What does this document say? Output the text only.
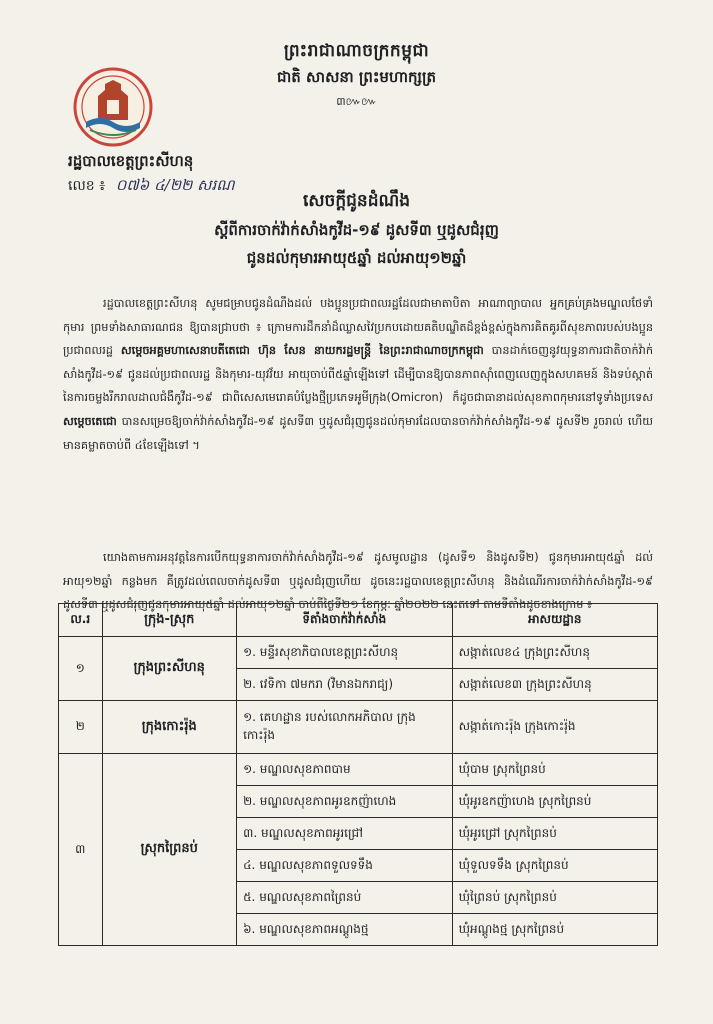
ព្រះរាជាណាចក្រកម្ពុជា
ជាតិ សាសនា ព្រះមហាក្សត្រ
៣៚៚
រដ្ឋបាលខេត្តព្រះសីហនុ
លេខ ៖ ០៧៦ ៤/២២ សរណ
សេចក្តីជូនដំណឹង
ស្តីពីការចាក់វ៉ាក់សាំងកូវីដ-១៩ ដូសទី៣ ឬដូសជំរុញ
ជូនដល់កុមារអាយុ៥ឆ្នាំ ដល់អាយុ១២ឆ្នាំ
រដ្ឋបាលខេត្តព្រះសីហនុ សូមជម្រាបជូនដំណឹងដល់ បងប្អូនប្រជាពលរដ្ឋដែលជាមាតាបិតា អាណាព្យាបាល អ្នកគ្រប់គ្រងមណ្ឌលថែទាំកុមារ ព្រមទាំងសាធារណជន ឱ្យបានជ្រាបថា ៖ ក្រោមការដឹកនាំដ៏ឈ្លាសវៃប្រកបដោយគតិបណ្ឌិតដ៏ខ្ពង់ខ្ពស់ក្នុងការគិតគូរពីសុខភាពរបស់បងប្អូនប្រជាពលរដ្ឋ សម្តេចអគ្គមហាសេនាបតីតេជោ ហ៊ុន សែន នាយករដ្ឋមន្ត្រី នៃព្រះរាជាណាចក្រកម្ពុជា បានដាក់ចេញនូវយុទ្ធនាការជាតិចាក់វ៉ាក់សាំងកូវីដ-១៩ ជូនដល់ប្រជាពលរដ្ឋ និងកុមារ-យុវវ័យ អាយុចាប់ពី៥ឆ្នាំឡើងទៅ ដើម្បីបានឱ្យបានភាពស៊ាំពេញលេញក្នុងសហគមន៍ និងទប់ស្កាត់នៃការចម្លងរីករាលដាលជំងឺកូវីដ-១៩ ជាពិសេសមេរោគបំប្លែងថ្មីប្រភេទអូមីក្រុង(Omicron) ក៏ដូចជាធានាដល់សុខភាពកុមារនៅទូទាំងប្រទេស សម្តេចតេជោ បានសម្រេចឱ្យចាក់វ៉ាក់សាំងកូវីដ-១៩ ដូសទី៣ ឬដូសជំរុញជូនដល់កុមារដែលបានចាក់វ៉ាក់សាំងកូវីដ-១៩ ដូសទី២ រួចរាល់ ហើយមានគម្លាតចាប់ពី ៤ខែឡើងទៅ ។
យោងតាមការអនុវត្តនៃការបើកយុទ្ធនាការចាក់វ៉ាក់សាំងកូវីដ-១៩ ដូសមូលដ្ឋាន (ដូសទី១ និងដូសទី២) ជូនកុមារអាយុ៥ឆ្នាំ ដល់អាយុ១២ឆ្នាំ កន្លងមក គឺត្រូវដល់ពេលចាក់ដូសទី៣ ឬដូសជំរុញហើយ ដូចនេះរដ្ឋបាលខេត្តព្រះសីហនុ និងដំណើរការចាក់វ៉ាក់សាំងកូវីដ-១៩ ដូសទី៣ ឬដូសជំរុញជូនកុមារអាយុ៥ឆ្នាំ ដល់អាយុ១២ឆ្នាំ ចាប់ពីថ្ងៃទី២១ ខែកុម្ភៈ ឆ្នាំ២០២២ នេះតទៅ តាមទីតាំងដូចខាងក្រោម ៖
ល.រ	ក្រុង-ស្រុក	ទីតាំងចាក់វ៉ាក់សាំង	អាសយដ្ឋាន
១	ក្រុងព្រះសីហនុ	១. មន្ទីរសុខាភិបាលខេត្តព្រះសីហនុ	សង្កាត់លេខ៤ ក្រុងព្រះសីហនុ
		២. វេទិកា ៧មករា (វិមានឯករាជ្យ)	សង្កាត់លេខ៣ ក្រុងព្រះសីហនុ
២	ក្រុងកោះរ៉ុង	១. គេហដ្ឋាន របស់លោកអភិបាល ក្រុងកោះរ៉ុង	សង្កាត់កោះរ៉ុង ក្រុងកោះរ៉ុង
៣	ស្រុកព្រៃនប់	១. មណ្ឌលសុខភាពបាម	ឃុំបាម ស្រុកព្រៃនប់
		២. មណ្ឌលសុខភាពអូរឧកញ៉ាហេង	ឃុំអូរឧកញ៉ាហេង ស្រុកព្រៃនប់
		៣. មណ្ឌលសុខភាពអូរជ្រៅ	ឃុំអូរជ្រៅ ស្រុកព្រៃនប់
		៤. មណ្ឌលសុខភាពទួលទទឹង	ឃុំទួលទទឹង ស្រុកព្រៃនប់
		៥. មណ្ឌលសុខភាពព្រៃនប់	ឃុំព្រៃនប់ ស្រុកព្រៃនប់
		៦. មណ្ឌលសុខភាពអណ្តូងថ្ម	ឃុំអណ្តូងថ្ម ស្រុកព្រៃនប់
